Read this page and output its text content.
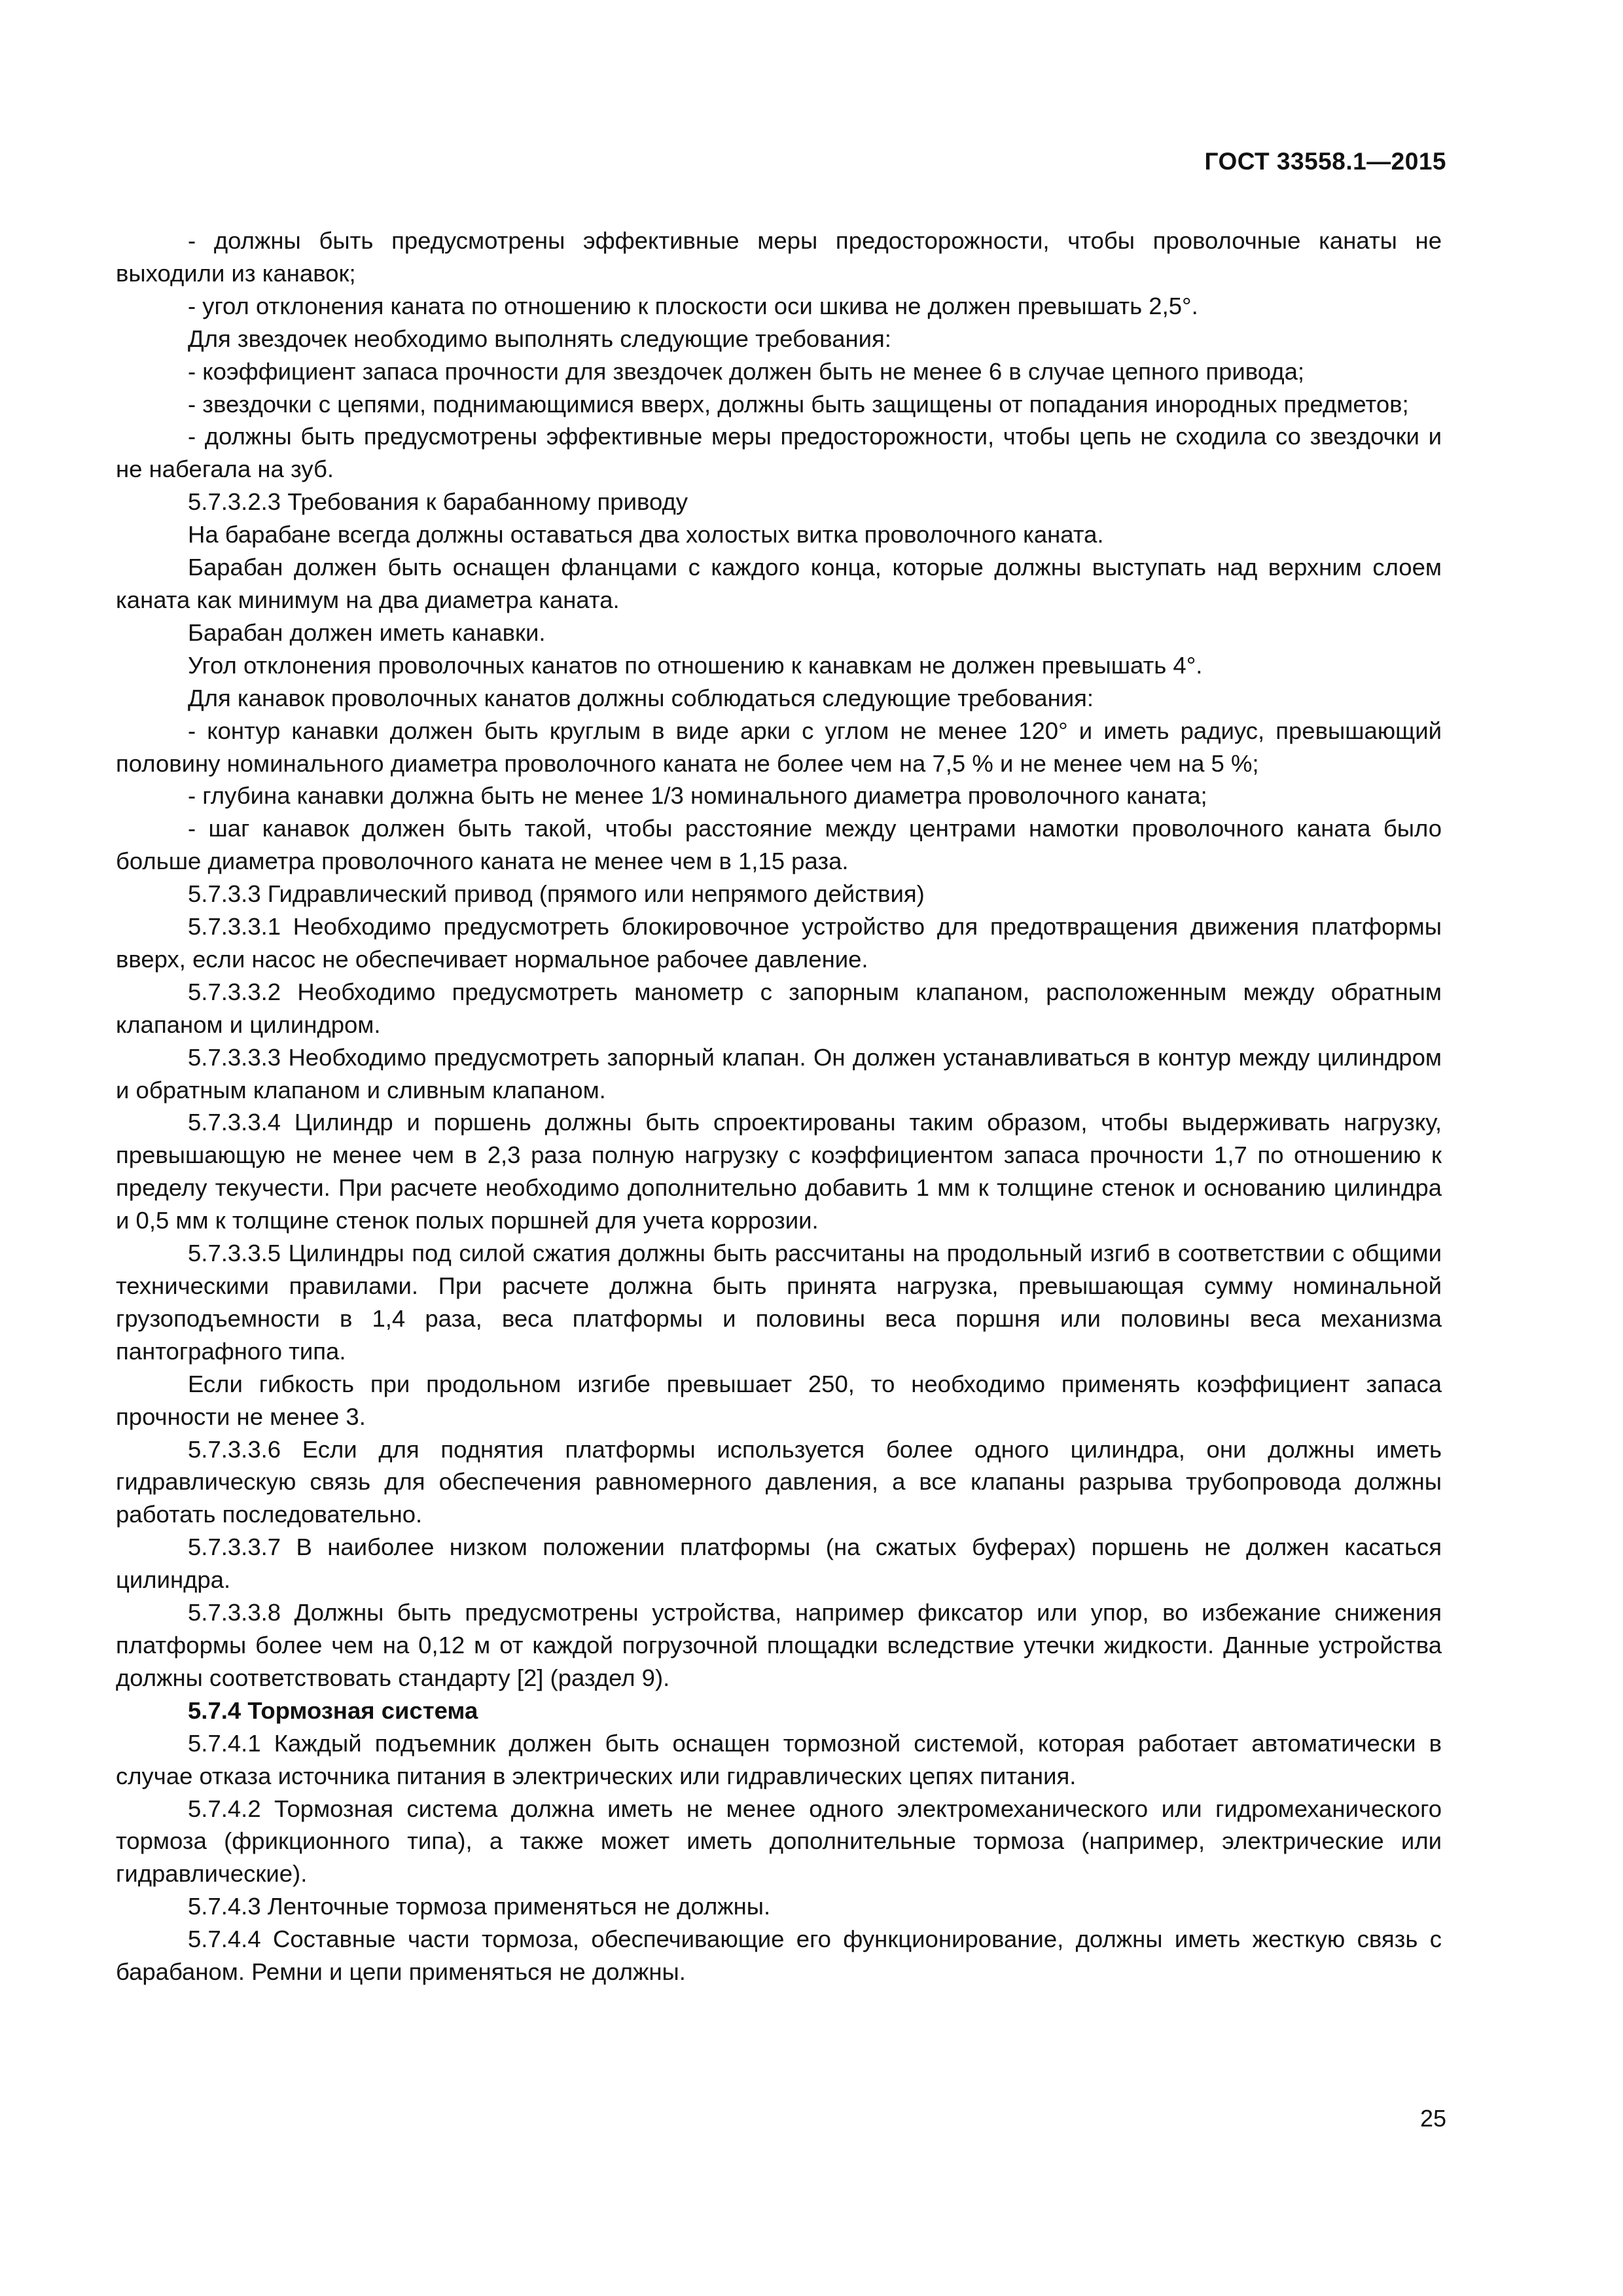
ГОСТ 33558.1—2015

- должны быть предусмотрены эффективные меры предосторожности, чтобы проволочные канаты не выходили из канавок;

- угол отклонения каната по отношению к плоскости оси шкива не должен превышать 2,5°.

Для звездочек необходимо выполнять следующие требования:

- коэффициент запаса прочности для звездочек должен быть не менее 6 в случае цепного привода;

- звездочки с цепями, поднимающимися вверх, должны быть защищены от попадания инородных предметов;

- должны быть предусмотрены эффективные меры предосторожности, чтобы цепь не сходила со звездочки и не набегала на зуб.

5.7.3.2.3 Требования к барабанному приводу

На барабане всегда должны оставаться два холостых витка проволочного каната.

Барабан должен быть оснащен фланцами с каждого конца, которые должны выступать над верхним слоем каната как минимум на два диаметра каната.

Барабан должен иметь канавки.

Угол отклонения проволочных канатов по отношению к канавкам не должен превышать 4°.

Для канавок проволочных канатов должны соблюдаться следующие требования:

- контур канавки должен быть круглым в виде арки с углом не менее 120° и иметь радиус, превышающий половину номинального диаметра проволочного каната не более чем на 7,5 % и не менее чем на 5 %;

- глубина канавки должна быть не менее 1/3 номинального диаметра проволочного каната;

- шаг канавок должен быть такой, чтобы расстояние между центрами намотки проволочного каната было больше диаметра проволочного каната не менее чем в 1,15 раза.

5.7.3.3 Гидравлический привод (прямого или непрямого действия)

5.7.3.3.1 Необходимо предусмотреть блокировочное устройство для предотвращения движения платформы вверх, если насос не обеспечивает нормальное рабочее давление.

5.7.3.3.2 Необходимо предусмотреть манометр с запорным клапаном, расположенным между обратным клапаном и цилиндром.

5.7.3.3.3 Необходимо предусмотреть запорный клапан. Он должен устанавливаться в контур между цилиндром и обратным клапаном и сливным клапаном.

5.7.3.3.4 Цилиндр и поршень должны быть спроектированы таким образом, чтобы выдерживать нагрузку, превышающую не менее чем в 2,3 раза полную нагрузку с коэффициентом запаса прочности 1,7 по отношению к пределу текучести. При расчете необходимо дополнительно добавить 1 мм к толщине стенок и основанию цилиндра и 0,5 мм к толщине стенок полых поршней для учета коррозии.

5.7.3.3.5 Цилиндры под силой сжатия должны быть рассчитаны на продольный изгиб в соответствии с общими техническими правилами. При расчете должна быть принята нагрузка, превышающая сумму номинальной грузоподъемности в 1,4 раза, веса платформы и половины веса поршня или половины веса механизма пантографного типа.

Если гибкость при продольном изгибе превышает 250, то необходимо применять коэффициент запаса прочности не менее 3.

5.7.3.3.6 Если для поднятия платформы используется более одного цилиндра, они должны иметь гидравлическую связь для обеспечения равномерного давления, а все клапаны разрыва трубопровода должны работать последовательно.

5.7.3.3.7 В наиболее низком положении платформы (на сжатых буферах) поршень не должен касаться цилиндра.

5.7.3.3.8 Должны быть предусмотрены устройства, например фиксатор или упор, во избежание снижения платформы более чем на 0,12 м от каждой погрузочной площадки вследствие утечки жидкости. Данные устройства должны соответствовать стандарту [2] (раздел 9).

5.7.4 Тормозная система

5.7.4.1 Каждый подъемник должен быть оснащен тормозной системой, которая работает автоматически в случае отказа источника питания в электрических или гидравлических цепях питания.

5.7.4.2 Тормозная система должна иметь не менее одного электромеханического или гидромеханического тормоза (фрикционного типа), а также может иметь дополнительные тормоза (например, электрические или гидравлические).

5.7.4.3 Ленточные тормоза применяться не должны.

5.7.4.4 Составные части тормоза, обеспечивающие его функционирование, должны иметь жесткую связь с барабаном. Ремни и цепи применяться не должны.

25
